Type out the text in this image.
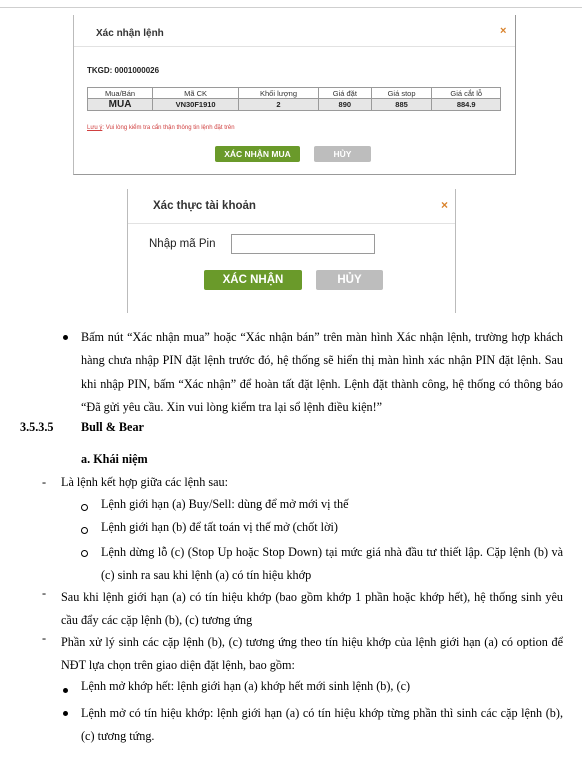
Xác nhận lệnh	×
TKGD: 0001000026
Mua/Bán	Mã CK	Khối lượng	Giá đặt	Giá stop	Giá cắt lỗ
MUA	VN30F1910	2	890	885	884.9
Lưu ý: Vui lòng kiểm tra cẩn thận thông tin lệnh đặt trên
XÁC NHẬN MUA	HỦY
Xác thực tài khoản	×
Nhập mã Pin
XÁC NHẬN	HỦY
Bấm nút “Xác nhận mua” hoặc “Xác nhận bán” trên màn hình Xác nhận lệnh, trường hợp khách hàng chưa nhập PIN đặt lệnh trước đó, hệ thống sẽ hiển thị màn hình xác nhận PIN đặt lệnh. Sau khi nhập PIN, bấm “Xác nhận” để hoàn tất đặt lệnh. Lệnh đặt thành công, hệ thống có thông báo “Đã gửi yêu cầu. Xin vui lòng kiểm tra lại sổ lệnh điều kiện!”
3.5.3.5 Bull & Bear
a. Khái niệm
- Là lệnh kết hợp giữa các lệnh sau:
Lệnh giới hạn (a) Buy/Sell: dùng để mở mới vị thế
Lệnh giới hạn (b) để tất toán vị thế mở (chốt lời)
Lệnh dừng lỗ (c) (Stop Up hoặc Stop Down) tại mức giá nhà đầu tư thiết lập. Cặp lệnh (b) và (c) sinh ra sau khi lệnh (a) có tín hiệu khớp
- Sau khi lệnh giới hạn (a) có tín hiệu khớp (bao gồm khớp 1 phần hoặc khớp hết), hệ thống sinh yêu cầu đẩy các cặp lệnh (b), (c) tương ứng
- Phần xử lý sinh các cặp lệnh (b), (c) tương ứng theo tín hiệu khớp của lệnh giới hạn (a) có option để NĐT lựa chọn trên giao diện đặt lệnh, bao gồm:
Lệnh mở khớp hết: lệnh giới hạn (a) khớp hết mới sinh lệnh (b), (c)
Lệnh mở có tín hiệu khớp: lệnh giới hạn (a) có tín hiệu khớp từng phần thì sinh các cặp lệnh (b), (c) tương tứng.
